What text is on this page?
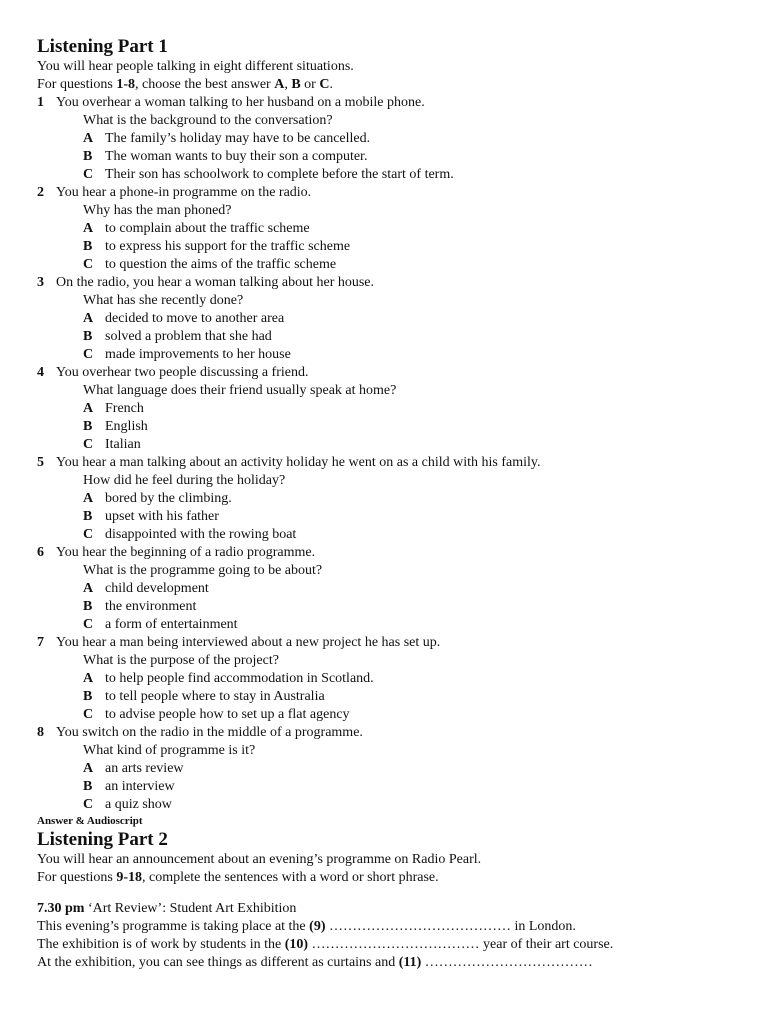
Listening Part 1
You will hear people talking in eight different situations.
For questions 1-8, choose the best answer A, B or C.
1 You overhear a woman talking to her husband on a mobile phone.
What is the background to the conversation?
A The family’s holiday may have to be cancelled.
B The woman wants to buy their son a computer.
C Their son has schoolwork to complete before the start of term.
2 You hear a phone-in programme on the radio.
Why has the man phoned?
A to complain about the traffic scheme
B to express his support for the traffic scheme
C to question the aims of the traffic scheme
3 On the radio, you hear a woman talking about her house.
What has she recently done?
A decided to move to another area
B solved a problem that she had
C made improvements to her house
4 You overhear two people discussing a friend.
What language does their friend usually speak at home?
A French
B English
C Italian
5 You hear a man talking about an activity holiday he went on as a child with his family.
How did he feel during the holiday?
A bored by the climbing.
B upset with his father
C disappointed with the rowing boat
6 You hear the beginning of a radio programme.
What is the programme going to be about?
A child development
B the environment
C a form of entertainment
7 You hear a man being interviewed about a new project he has set up.
What is the purpose of the project?
A to help people find accommodation in Scotland.
B to tell people where to stay in Australia
C to advise people how to set up a flat agency
8 You switch on the radio in the middle of a programme.
What kind of programme is it?
A an arts review
B an interview
C a quiz show
Answer & Audioscript
Listening Part 2
You will hear an announcement about an evening’s programme on Radio Pearl.
For questions 9-18, complete the sentences with a word or short phrase.
7.30 pm ‘Art Review’: Student Art Exhibition
This evening’s programme is taking place at the (9) ………………………………… in London.
The exhibition is of work by students in the (10) ……………………………… year of their art course.
At the exhibition, you can see things as different as curtains and (11) ………………………………
